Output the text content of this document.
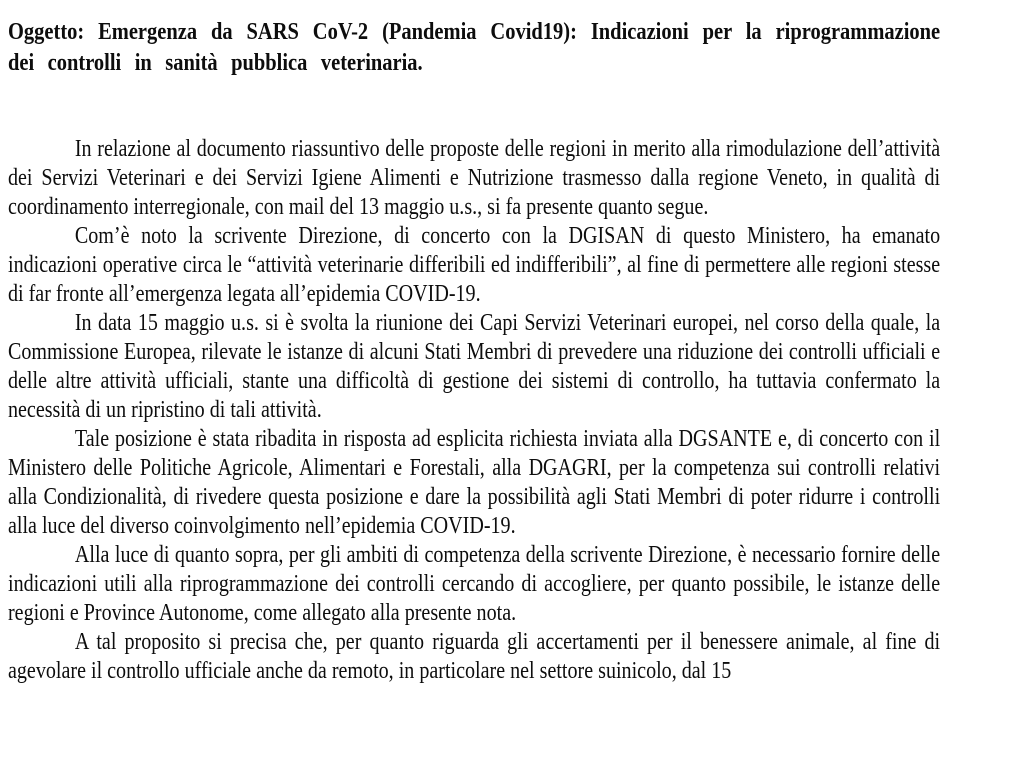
Oggetto: Emergenza da SARS CoV-2 (Pandemia Covid19): Indicazioni per la riprogrammazione dei controlli in sanità pubblica veterinaria.

In relazione al documento riassuntivo delle proposte delle regioni in merito alla rimodulazione dell’attività dei Servizi Veterinari e dei Servizi Igiene Alimenti e Nutrizione trasmesso dalla regione Veneto, in qualità di coordinamento interregionale, con mail del 13 maggio u.s., si fa presente quanto segue.

Com’è noto la scrivente Direzione, di concerto con la DGISAN di questo Ministero, ha emanato indicazioni operative circa le “attività veterinarie differibili ed indifferibili”, al fine di permettere alle regioni stesse di far fronte all’emergenza legata all’epidemia COVID-19.

In data 15 maggio u.s. si è svolta la riunione dei Capi Servizi Veterinari europei, nel corso della quale, la Commissione Europea, rilevate le istanze di alcuni Stati Membri di prevedere una riduzione dei controlli ufficiali e delle altre attività ufficiali, stante una difficoltà di gestione dei sistemi di controllo, ha tuttavia confermato la necessità di un ripristino di tali attività.

Tale posizione è stata ribadita in risposta ad esplicita richiesta inviata alla DGSANTE e, di concerto con il Ministero delle Politiche Agricole, Alimentari e Forestali, alla DGAGRI, per la competenza sui controlli relativi alla Condizionalità, di rivedere questa posizione e dare la possibilità agli Stati Membri di poter ridurre i controlli alla luce del diverso coinvolgimento nell’epidemia COVID-19.

Alla luce di quanto sopra, per gli ambiti di competenza della scrivente Direzione, è necessario fornire delle indicazioni utili alla riprogrammazione dei controlli cercando di accogliere, per quanto possibile, le istanze delle regioni e Province Autonome, come allegato alla presente nota.

A tal proposito si precisa che, per quanto riguarda gli accertamenti per il benessere animale, al fine di agevolare il controllo ufficiale anche da remoto, in particolare nel settore suinicolo, dal 15
